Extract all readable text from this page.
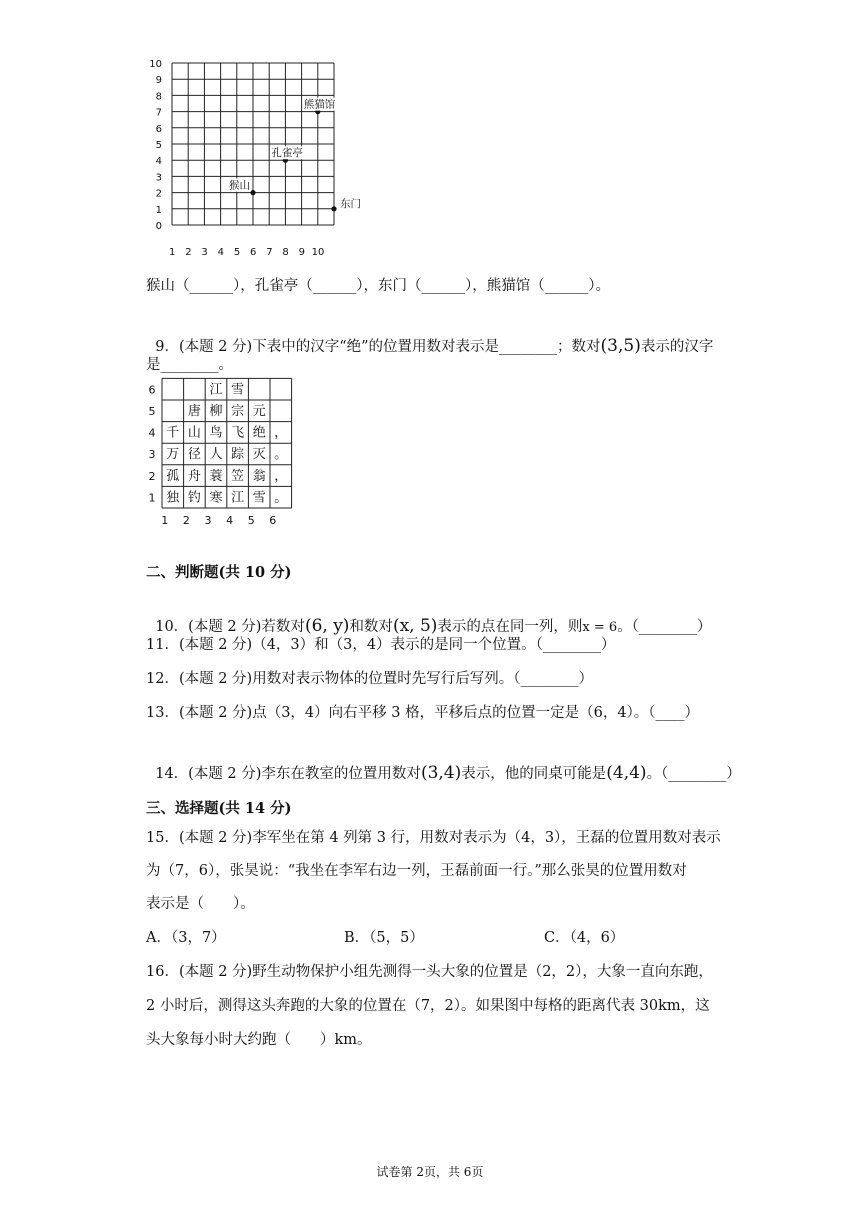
10
9
8
7
6
5
4
3
2
1
0
1 2 3 4 5 6 7 8 9 10
熊猫馆
孔雀亭
猴山
东门
猴山（______），孔雀亭（______），东门（______），熊猫馆（______）。

9．(本题 2 分)下表中的汉字“绝”的位置用数对表示是________；数对(3,5)表示的汉字

是________。
6
5
4
3
2
1
1 2 3 4 5 6
江 雪
唐 柳 宗 元
千 山 鸟 飞 绝 ，
万 径 人 踪 灭 。
孤 舟 蓑 笠 翁 ，
独 钓 寒 江 雪 。
二、判断题(共 10 分)

10．(本题 2 分)若数对(6, y)和数对(x, 5)表示的点在同一列，则x = 6。（________）

11．(本题 2 分)（4，3）和（3，4）表示的是同一个位置。（________）
12．(本题 2 分)用数对表示物体的位置时先写行后写列。（________）
13．(本题 2 分)点（3，4）向右平移 3 格，平移后点的位置一定是（6，4）。（____）

14．(本题 2 分)李东在教室的位置用数对(3,4)表示，他的同桌可能是(4,4)。（________）

三、选择题(共 14 分)
15．(本题 2 分)李军坐在第 4 列第 3 行，用数对表示为（4，3），王磊的位置用数对表示
为（7，6），张昊说：“我坐在李军右边一列，王磊前面一行。”那么张昊的位置用数对
表示是（　　）。
A．（3，7）	B．（5，5）	C．（4，6）
16．(本题 2 分)野生动物保护小组先测得一头大象的位置是（2，2），大象一直向东跑，
2 小时后，测得这头奔跑的大象的位置在（7，2）。如果图中每格的距离代表 30km，这
头大象每小时大约跑（　　）km。
试卷第 2页，共 6页
